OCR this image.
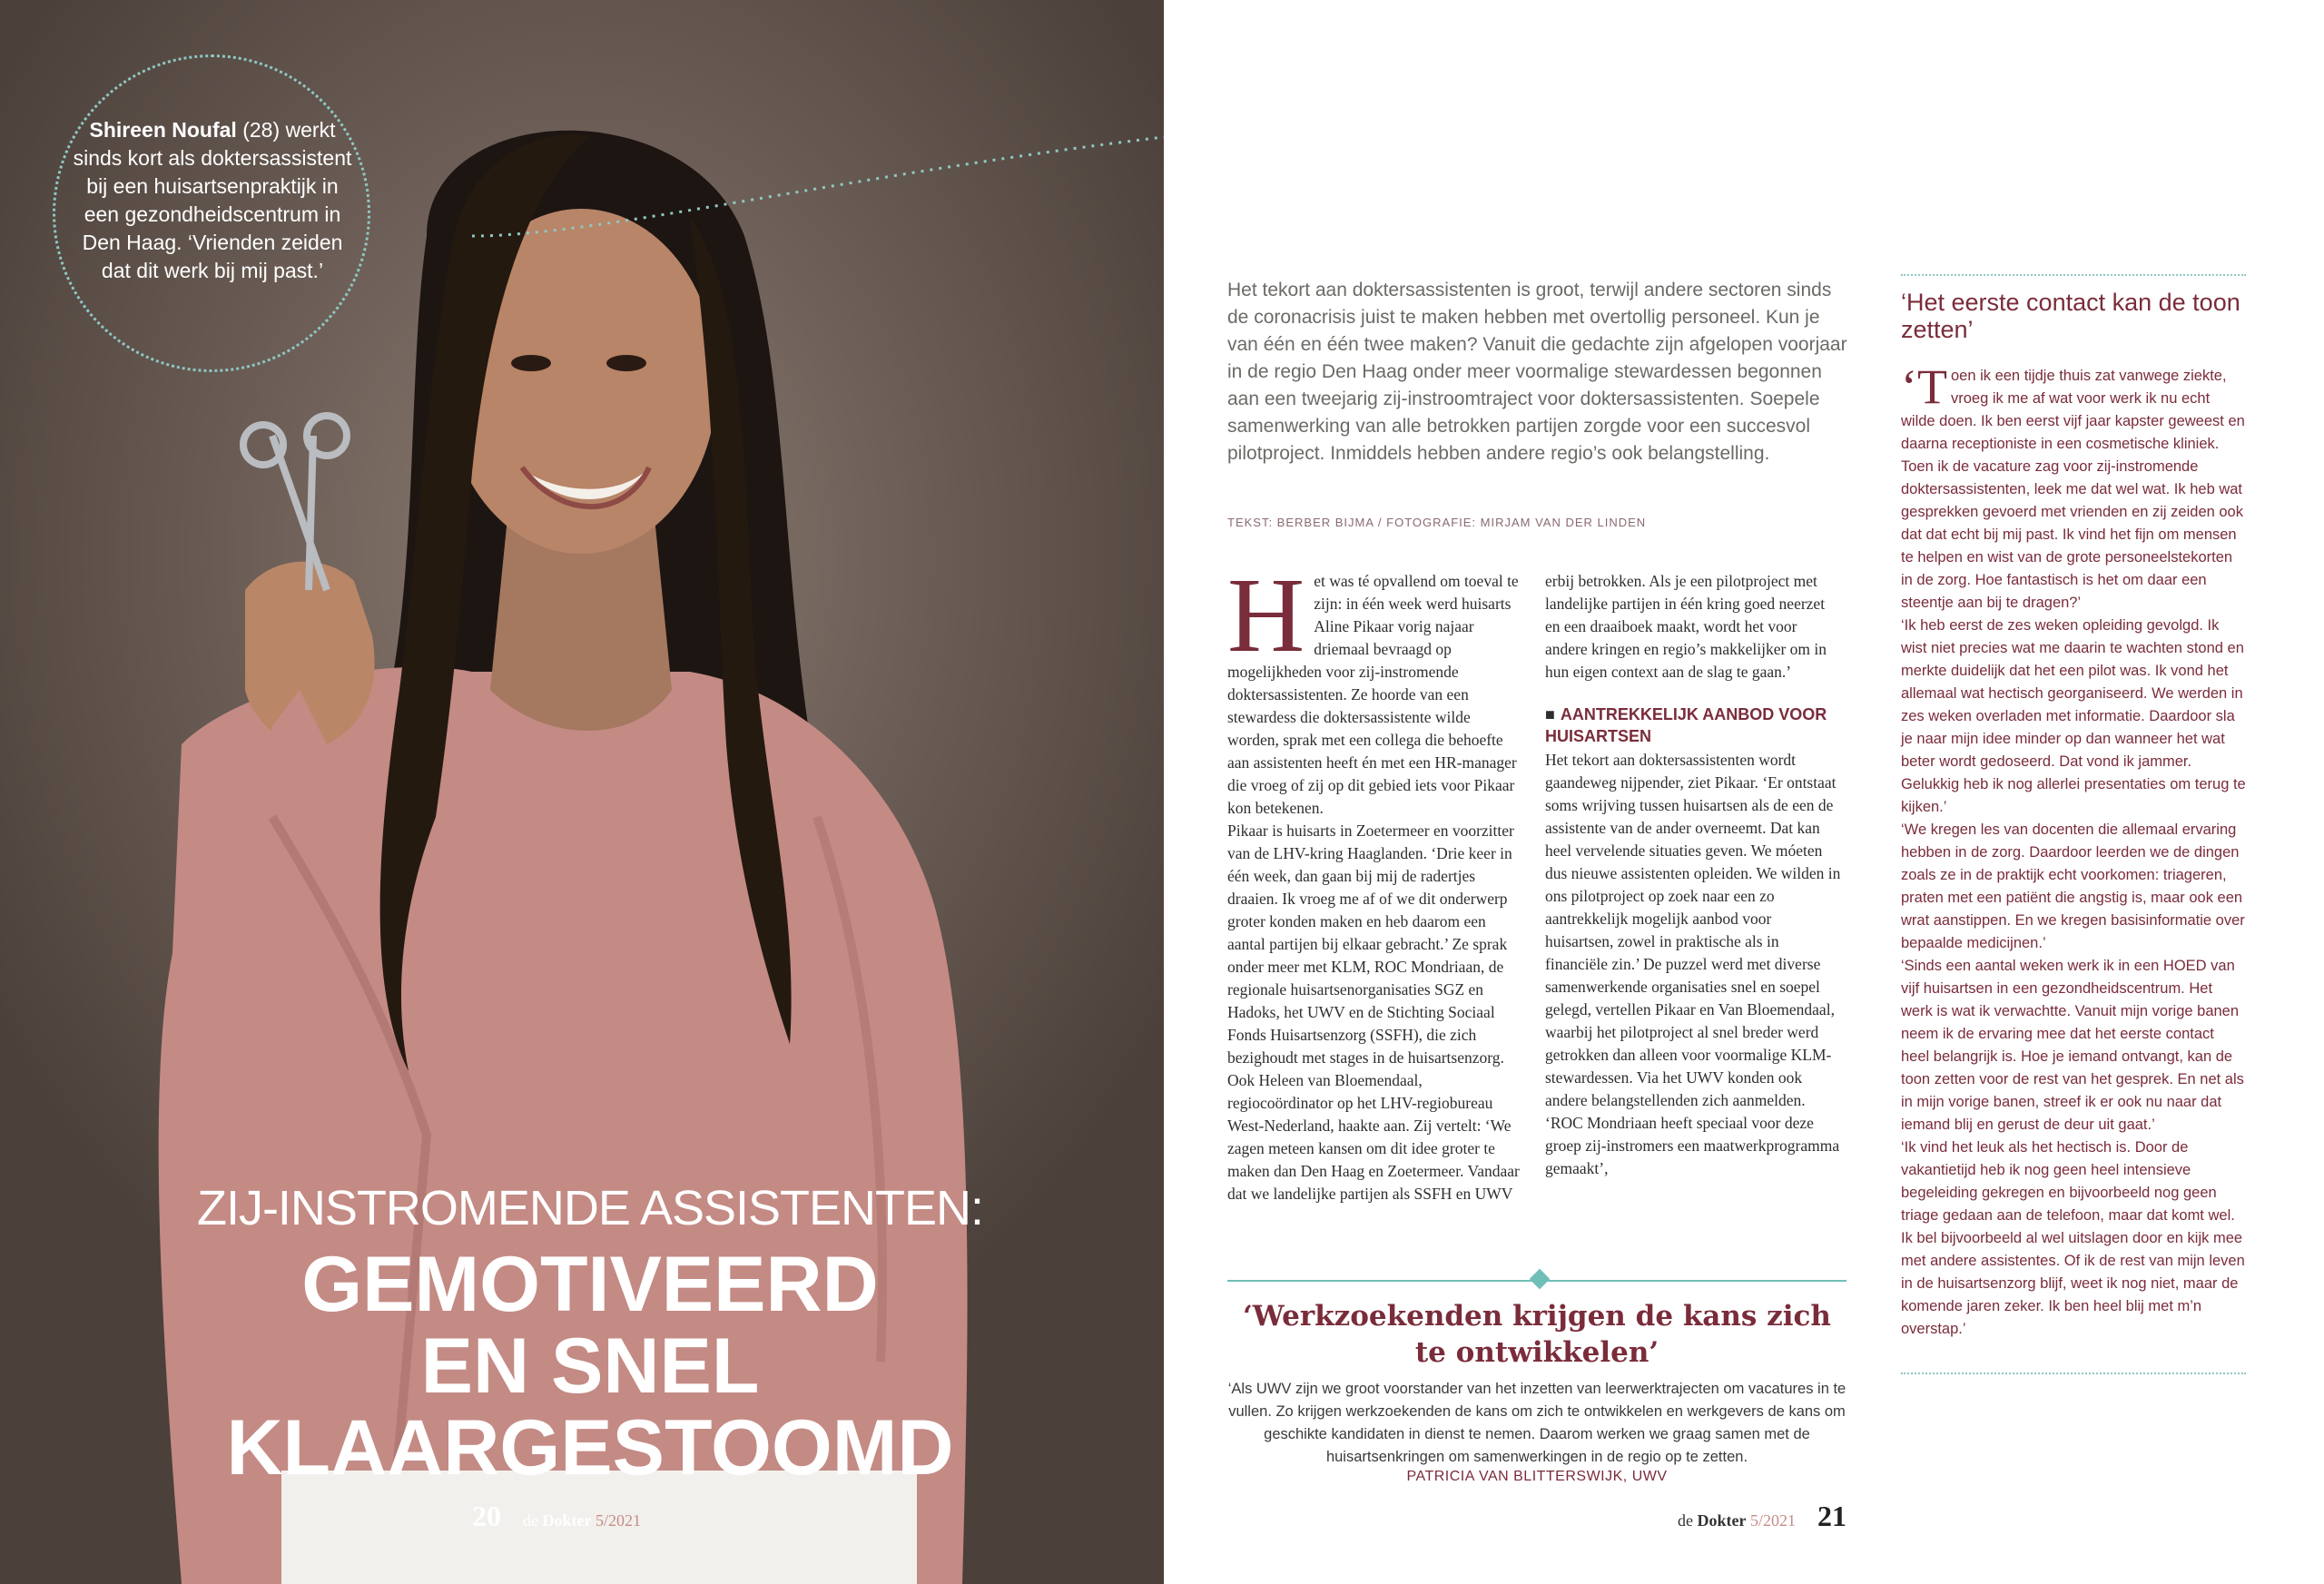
Shireen Noufal (28) werkt sinds kort als doktersassistent bij een huisartsenpraktijk in een gezondheidscentrum in Den Haag. ‘Vrienden zeiden dat dit werk bij mij past.’
ZIJ-INSTROMENDE ASSISTENTEN:
GEMOTIVEERD
EN SNEL
KLAARGESTOOMD
20 de Dokter 5/2021
Het tekort aan doktersassistenten is groot, terwijl andere sectoren sinds de coronacrisis juist te maken hebben met overtollig personeel. Kun je van één en één twee maken? Vanuit die gedachte zijn afgelopen voorjaar in de regio Den Haag onder meer voormalige stewardessen begonnen aan een tweejarig zij-instroomtraject voor doktersassistenten. Soepele samenwerking van alle betrokken partijen zorgde voor een succesvol pilotproject. Inmiddels hebben andere regio’s ook belangstelling.
TEKST: BERBER BIJMA / FOTOGRAFIE: MIRJAM VAN DER LINDEN
H et was té opvallend om toeval te zijn: in één week werd huisarts Aline Pikaar vorig najaar driemaal bevraagd op mogelijkheden voor zij-instromende doktersassistenten. Ze hoorde van een stewardess die doktersassistente wilde worden, sprak met een collega die behoefte aan assistenten heeft én met een HR-manager die vroeg of zij op dit gebied iets voor Pikaar kon betekenen.

Pikaar is huisarts in Zoetermeer en voorzitter van de LHV-kring Haaglanden. ‘Drie keer in één week, dan gaan bij mij de radertjes draaien. Ik vroeg me af of we dit onderwerp groter konden maken en heb daarom een aantal partijen bij elkaar gebracht.’ Ze sprak onder meer met KLM, ROC Mondriaan, de regionale huisartsenorganisaties SGZ en Hadoks, het UWV en de Stichting Sociaal Fonds Huisartsenzorg (SSFH), die zich bezighoudt met stages in de huisartsenzorg. Ook Heleen van Bloemendaal, regiocoördinator op het LHV-regiobureau West-Nederland, haakte aan. Zij vertelt: ‘We zagen meteen kansen om dit idee groter te maken dan Den Haag en Zoetermeer. Vandaar dat we landelijke partijen als SSFH en UWV

erbij betrokken. Als je een pilotproject met landelijke partijen in één kring goed neerzet en een draaiboek maakt, wordt het voor andere kringen en regio’s makkelijker om in hun eigen context aan de slag te gaan.’

■ AANTREKKELIJK AANBOD VOOR HUISARTSEN

Het tekort aan doktersassistenten wordt gaandeweg nijpender, ziet Pikaar. ‘Er ontstaat soms wrijving tussen huisartsen als de een de assistente van de ander overneemt. Dat kan heel vervelende situaties geven. We móeten dus nieuwe assistenten opleiden. We wilden in ons pilotproject op zoek naar een zo aantrekkelijk mogelijk aanbod voor huisartsen, zowel in praktische als in financiële zin.’ De puzzel werd met diverse samenwerkende organisaties snel en soepel gelegd, vertellen Pikaar en Van Bloemendaal, waarbij het pilotproject al snel breder werd getrokken dan alleen voor voormalige KLM-stewardessen. Via het UWV konden ook andere belangstellenden zich aanmelden. ‘ROC Mondriaan heeft speciaal voor deze groep zij-instromers een maatwerkprogramma gemaakt’,

‘Werkzoekenden krijgen de kans zich te ontwikkelen’
‘Als UWV zijn we groot voorstander van het inzetten van leerwerktrajecten om vacatures in te vullen. Zo krijgen werkzoekenden de kans om zich te ontwikkelen en werkgevers de kans om geschikte kandidaten in dienst te nemen. Daarom werken we graag samen met de huisartsenkringen om samenwerkingen in de regio op te zetten.
PATRICIA VAN BLITTERSWIJK, UWV
‘Het eerste contact kan de toon zetten’
‘T oen ik een tijdje thuis zat vanwege ziekte, vroeg ik me af wat voor werk ik nu echt wilde doen. Ik ben eerst vijf jaar kapster geweest en daarna receptioniste in een cosmetische kliniek. Toen ik de vacature zag voor zij-instromende doktersassistenten, leek me dat wel wat. Ik heb wat gesprekken gevoerd met vrienden en zij zeiden ook dat dat echt bij mij past. Ik vind het fijn om mensen te helpen en wist van de grote personeelstekorten in de zorg. Hoe fantastisch is het om daar een steentje aan bij te dragen?’

‘Ik heb eerst de zes weken opleiding gevolgd. Ik wist niet precies wat me daarin te wachten stond en merkte duidelijk dat het een pilot was. Ik vond het allemaal wat hectisch georganiseerd. We werden in zes weken overladen met informatie. Daardoor sla je naar mijn idee minder op dan wanneer het wat beter wordt gedoseerd. Dat vond ik jammer. Gelukkig heb ik nog allerlei presentaties om terug te kijken.’

‘We kregen les van docenten die allemaal ervaring hebben in de zorg. Daardoor leerden we de dingen zoals ze in de praktijk echt voorkomen: triageren, praten met een patiënt die angstig is, maar ook een wrat aanstippen. En we kregen basisinformatie over bepaalde medicijnen.’

‘Sinds een aantal weken werk ik in een HOED van vijf huisartsen in een gezondheidscentrum. Het werk is wat ik verwachtte. Vanuit mijn vorige banen neem ik de ervaring mee dat het eerste contact heel belangrijk is. Hoe je iemand ontvangt, kan de toon zetten voor de rest van het gesprek. En net als in mijn vorige banen, streef ik er ook nu naar dat iemand blij en gerust de deur uit gaat.’

‘Ik vind het leuk als het hectisch is. Door de vakantietijd heb ik nog geen heel intensieve begeleiding gekregen en bijvoorbeeld nog geen triage gedaan aan de telefoon, maar dat komt wel. Ik bel bijvoorbeeld al wel uitslagen door en kijk mee met andere assistentes. Of ik de rest van mijn leven in de huisartsenzorg blijf, weet ik nog niet, maar de komende jaren zeker. Ik ben heel blij met m’n overstap.’

de Dokter 5/2021 21
